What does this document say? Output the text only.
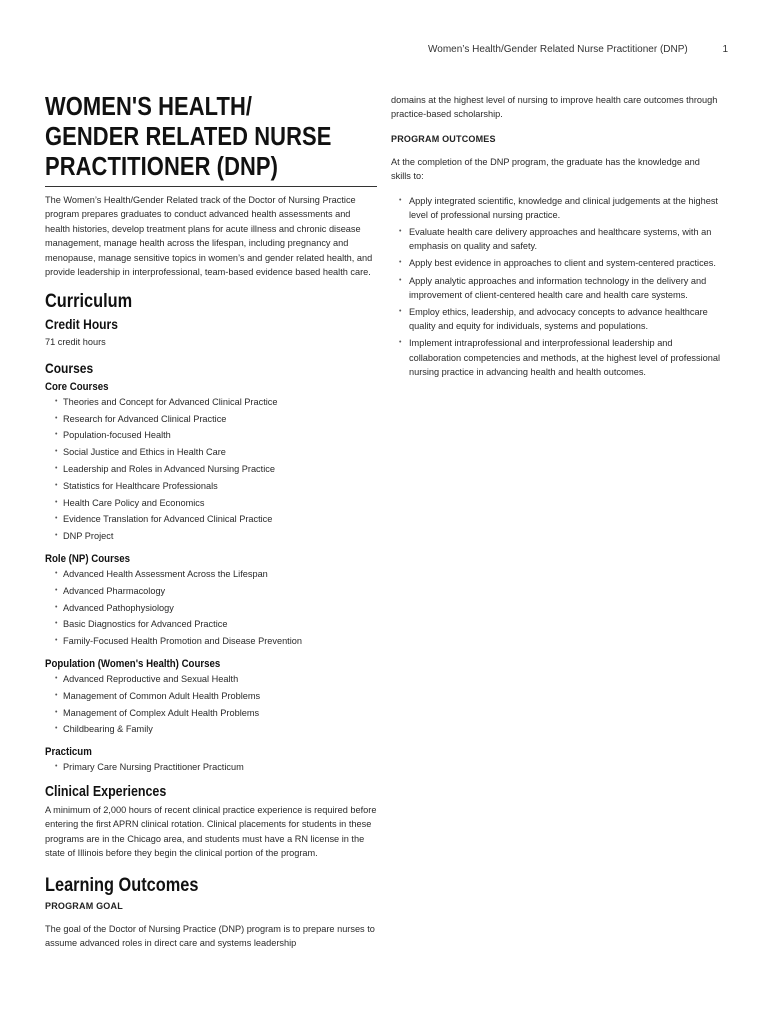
Women’s Health/Gender Related Nurse Practitioner (DNP)	1
WOMEN'S HEALTH/
GENDER RELATED NURSE
PRACTITIONER (DNP)

The Women’s Health/Gender Related track of the Doctor of Nursing Practice program prepares graduates to conduct advanced health assessments and health histories, develop treatment plans for acute illness and chronic disease management, manage health across the lifespan, including pregnancy and menopause, manage sensitive topics in women’s and gender related health, and provide leadership in interprofessional, team-based evidence based health care.

Curriculum
Credit Hours

71 credit hours

Courses
Core Courses
• Theories and Concept for Advanced Clinical Practice
• Research for Advanced Clinical Practice
• Population-focused Health
• Social Justice and Ethics in Health Care
• Leadership and Roles in Advanced Nursing Practice
• Statistics for Healthcare Professionals
• Health Care Policy and Economics
• Evidence Translation for Advanced Clinical Practice
• DNP Project
Role (NP) Courses
• Advanced Health Assessment Across the Lifespan
• Advanced Pharmacology
• Advanced Pathophysiology
• Basic Diagnostics for Advanced Practice
• Family-Focused Health Promotion and Disease Prevention
Population (Women's Health) Courses
• Advanced Reproductive and Sexual Health
• Management of Common Adult Health Problems
• Management of Complex Adult Health Problems
• Childbearing & Family
Practicum
• Primary Care Nursing Practitioner Practicum
Clinical Experiences

A minimum of 2,000 hours of recent clinical practice experience is required before entering the first APRN clinical rotation. Clinical placements for students in these programs are in the Chicago area, and students must have a RN license in the state of Illinois before they begin the clinical portion of the program.

Learning Outcomes

PROGRAM GOAL

The goal of the Doctor of Nursing Practice (DNP) program is to prepare nurses to assume advanced roles in direct care and systems leadership

domains at the highest level of nursing to improve health care outcomes through practice-based scholarship.

PROGRAM OUTCOMES

At the completion of the DNP program, the graduate has the knowledge and skills to:

• Apply integrated scientific, knowledge and clinical judgements at the highest level of professional nursing practice.
• Evaluate health care delivery approaches and healthcare systems, with an emphasis on quality and safety.
• Apply best evidence in approaches to client and system-centered practices.
• Apply analytic approaches and information technology in the delivery and improvement of client-centered health care and health care systems.
• Employ ethics, leadership, and advocacy concepts to advance healthcare quality and equity for individuals, systems and populations.
• Implement intraprofessional and interprofessional leadership and collaboration competencies and methods, at the highest level of professional nursing practice in advancing health and health outcomes.
